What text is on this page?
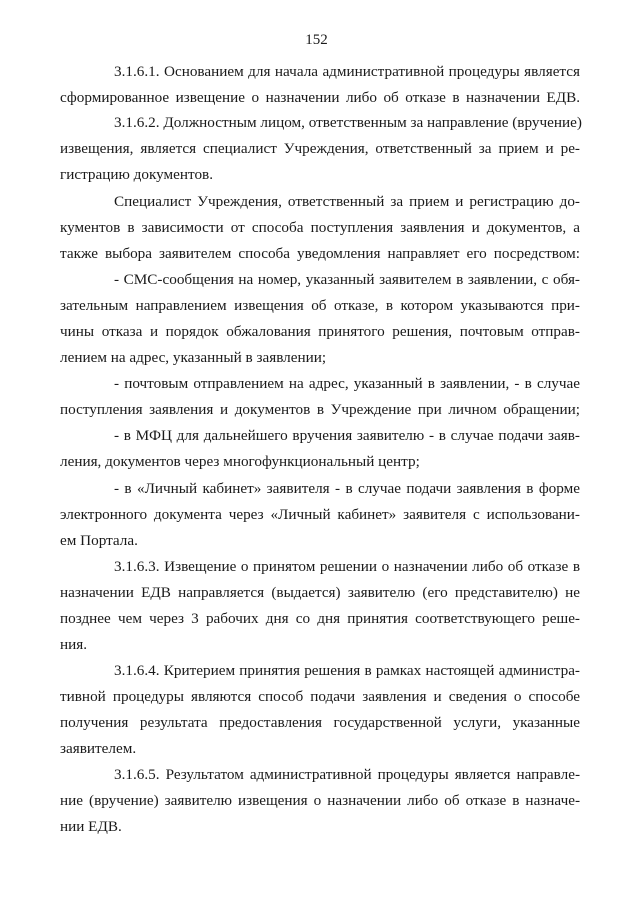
152
3.1.6.1. Основанием для начала административной процедуры является
сформированное извещение о назначении либо об отказе в назначении ЕДВ.
3.1.6.2. Должностным лицом, ответственным за направление (вручение)
извещения, является специалист Учреждения, ответственный за прием и ре-
гистрацию документов.
Специалист Учреждения, ответственный за прием и регистрацию до-
кументов в зависимости от способа поступления заявления и документов, а
также выбора заявителем способа уведомления направляет его посредством:
- СМС-сообщения на номер, указанный заявителем в заявлении, с обя-
зательным направлением извещения об отказе, в котором указываются при-
чины отказа и порядок обжалования принятого решения, почтовым отправ-
лением на адрес, указанный в заявлении;
- почтовым отправлением на адрес, указанный в заявлении, - в случае
поступления заявления и документов в Учреждение при личном обращении;
- в МФЦ для дальнейшего вручения заявителю - в случае подачи заяв-
ления, документов через многофункциональный центр;
- в «Личный кабинет» заявителя - в случае подачи заявления в форме
электронного документа через «Личный кабинет» заявителя с использовани-
ем Портала.
3.1.6.3. Извещение о принятом решении о назначении либо об отказе в
назначении ЕДВ направляется (выдается) заявителю (его представителю) не
позднее чем через 3 рабочих дня со дня принятия соответствующего реше-
ния.
3.1.6.4. Критерием принятия решения в рамках настоящей администра-
тивной процедуры являются способ подачи заявления и сведения о способе
получения результата предоставления государственной услуги, указанные
заявителем.
3.1.6.5. Результатом административной процедуры является направле-
ние (вручение) заявителю извещения о назначении либо об отказе в назначе-
нии ЕДВ.
